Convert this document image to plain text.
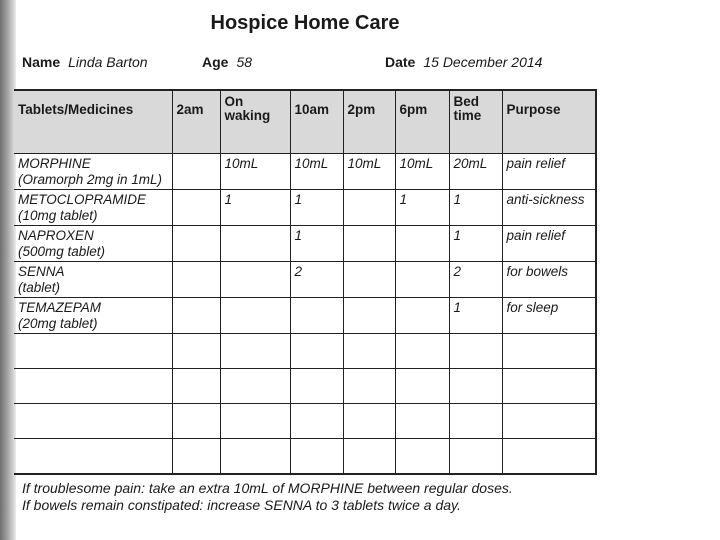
Hospice Home Care
Name Linda Barton	Age 58	Date 15 December 2014
Tablets/Medicines	2am	On waking	10am	2pm	6pm	Bed time	Purpose

MORPHINE
(Oramorph 2mg in 1mL)		10mL	10mL	10mL	10mL	20mL	pain relief

METOCLOPRAMIDE
(10mg tablet)		1	1		1	1	anti-sickness

NAPROXEN
(500mg tablet)			1			1	pain relief

SENNA
(tablet)			2			2	for bowels

TEMAZEPAM
(20mg tablet)						1	for sleep

If troublesome pain: take an extra 10mL of MORPHINE between regular doses.
If bowels remain constipated: increase SENNA to 3 tablets twice a day.
